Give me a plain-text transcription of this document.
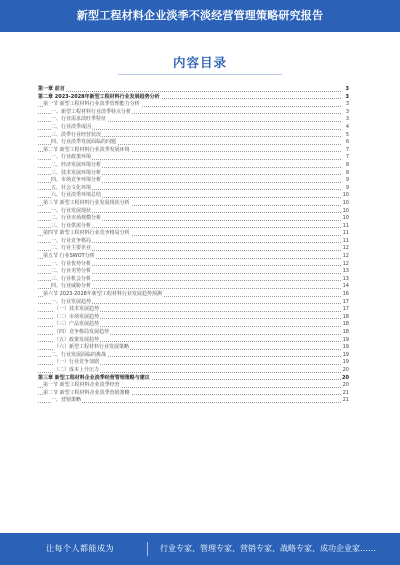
新型工程材料企业淡季不淡经营管理策略研究报告
内容目录
第一章 前言	3
第二章 2023-2028年新型工程材料行业发展趋势分析	3
第一节 新型工程材料行业淡季管理能力分析	3
一、新型工程材料行业淡季特点分析	3
一、行业需求淡旺季特征	3
二、行业淡季成因	4
三、淡季行业经营状况	5
四、行业淡季发展面临的问题	6
第二节 新型工程材料行业淡季发展环境	7
一、行业政策环境	7
二、经济发展环境分析	8
三、技术发展环境分析	8
四、市场竞争环境分析	9
五、社会文化环境	9
六、行业淡季环境总结	10
第三节 新型工程材料行业发展现状分析	10
一、行业发展现状	10
二、行业市场规模分析	10
三、行业供需分析	11
第四节 新型工程材料行业竞争格局分析	11
一、行业竞争格局	11
二、行业主要企业	12
第五节 行业SWOT分析	12
一、行业优势分析	12
二、行业劣势分析	13
三、行业机会分析	13
四、行业威胁分析	14
第六节 2023-2028年新型工程材料行业发展趋势预测	16
一、行业发展趋势	17
（一）技术发展趋势	17
（二）市场发展趋势	18
（三）产品发展趋势	18
（四）竞争格局发展趋势	18
（五）政策发展趋势	19
（六）新型工程材料行业发展策略	19
二、行业发展面临的挑战	19
（一）行业竞争加剧	19
（二）成本上升压力	20
第三章 新型工程材料企业淡季经营管理策略与建议	20
第一节 新型工程材料企业淡季经营	20
第二节 新型工程材料企业淡季营销策略	21
一、营销策略	21
让每个人都能成为	行业专家、管理专家、营销专家、战略专家、成功企业家……
